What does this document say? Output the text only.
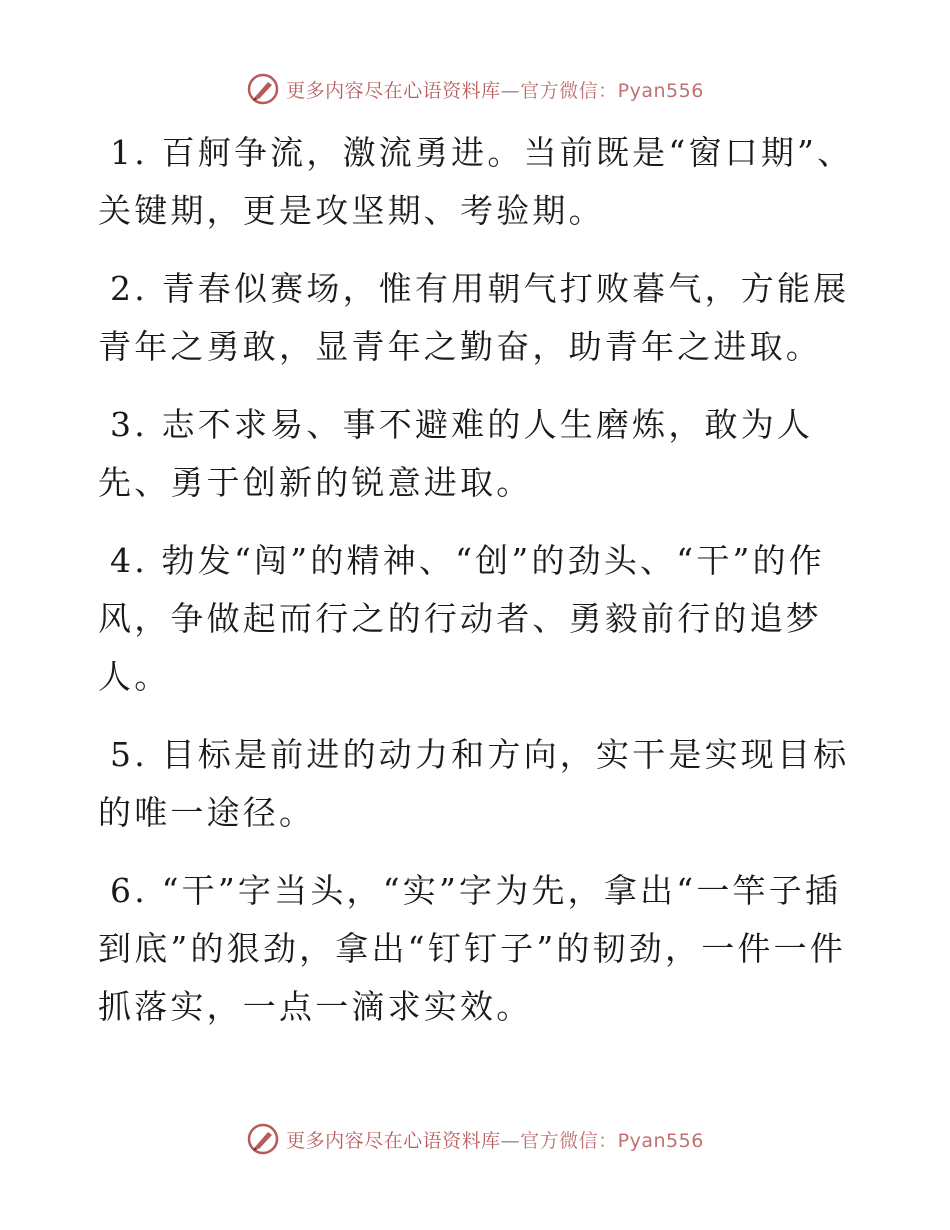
更多内容尽在心语资料库—官方微信：Pyan556

1. 百舸争流，激流勇进。当前既是“窗口期”、关键期，更是攻坚期、考验期。

2. 青春似赛场，惟有用朝气打败暮气，方能展青年之勇敢，显青年之勤奋，助青年之进取。

3. 志不求易、事不避难的人生磨炼，敢为人先、勇于创新的锐意进取。

4. 勃发“闯”的精神、“创”的劲头、“干”的作风，争做起而行之的行动者、勇毅前行的追梦人。

5. 目标是前进的动力和方向，实干是实现目标的唯一途径。

6. “干”字当头，“实”字为先，拿出“一竿子插到底”的狠劲，拿出“钉钉子”的韧劲，一件一件抓落实，一点一滴求实效。

更多内容尽在心语资料库—官方微信：Pyan556
